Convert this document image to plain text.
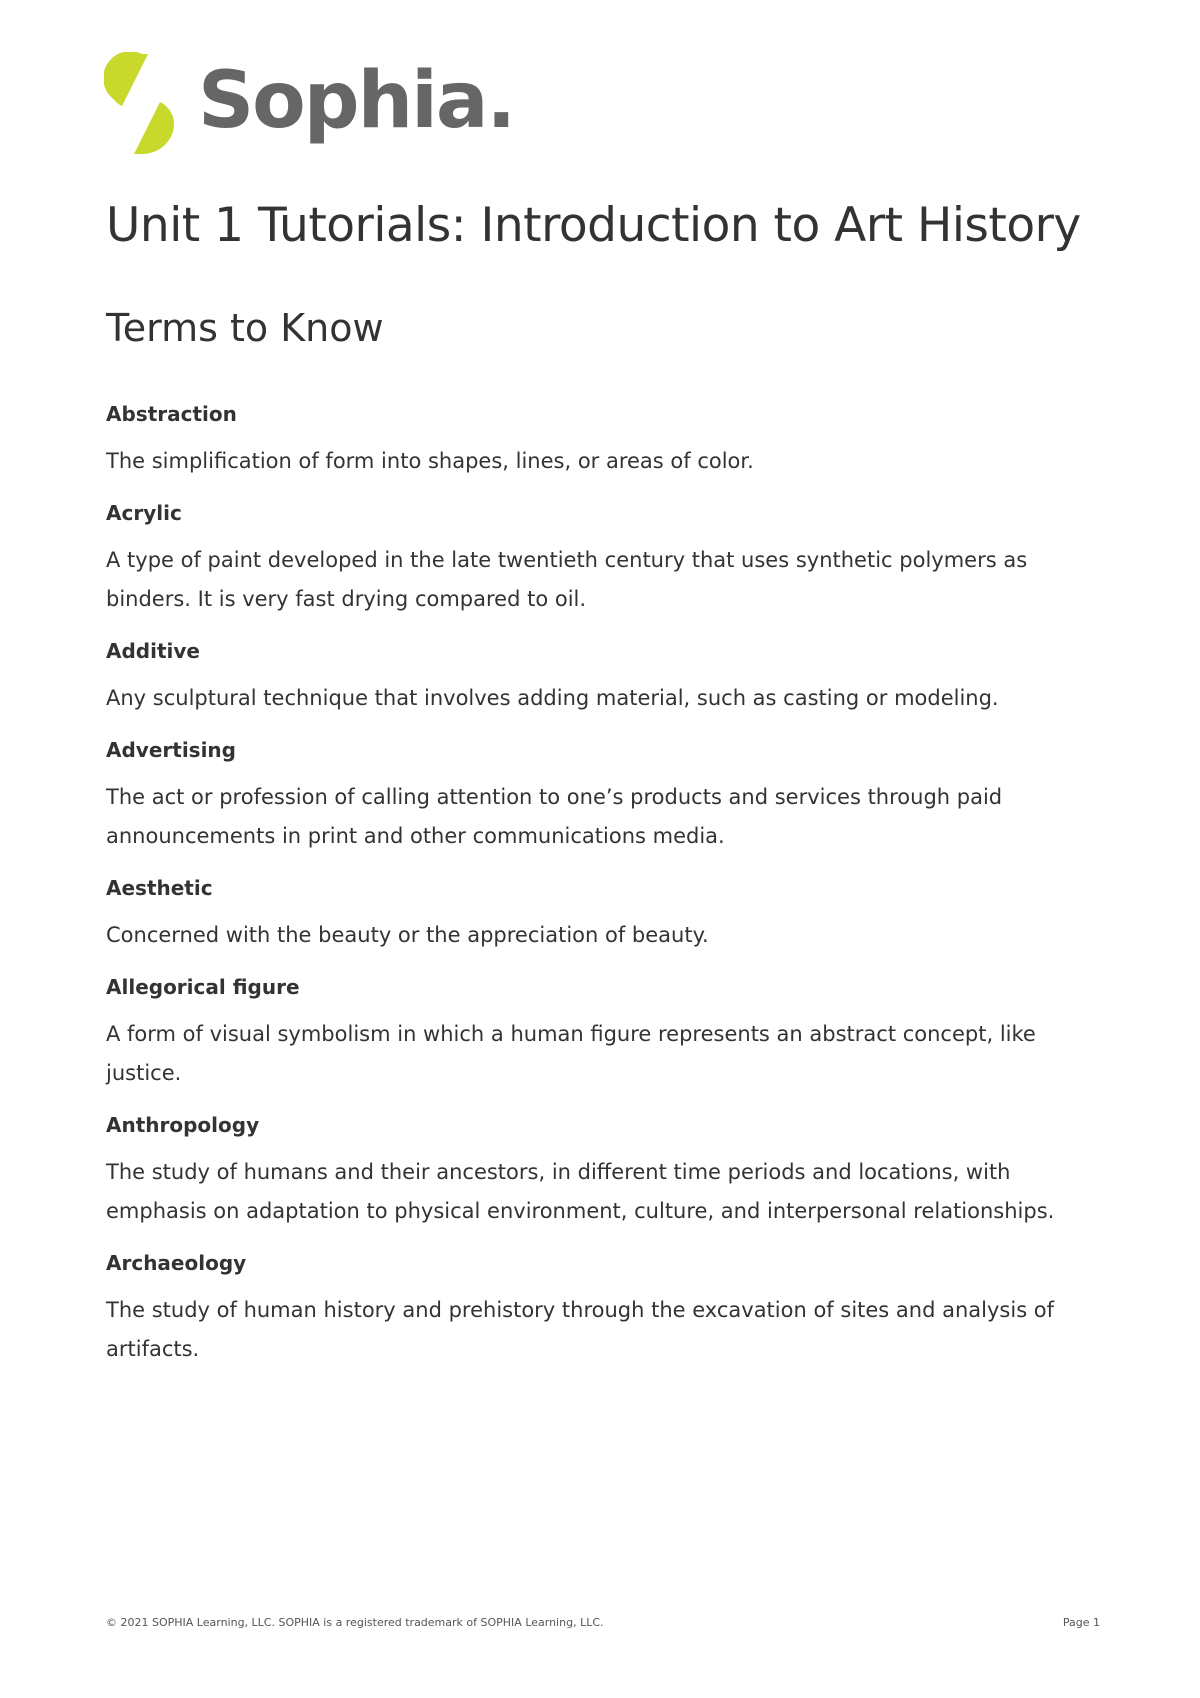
Sophia.
Unit 1 Tutorials: Introduction to Art History
Terms to Know
Abstraction

The simplification of form into shapes, lines, or areas of color.

Acrylic

A type of paint developed in the late twentieth century that uses synthetic polymers as binders. It is very fast drying compared to oil.

Additive

Any sculptural technique that involves adding material, such as casting or modeling.

Advertising

The act or profession of calling attention to one’s products and services through paid announcements in print and other communications media.

Aesthetic

Concerned with the beauty or the appreciation of beauty.

Allegorical figure

A form of visual symbolism in which a human figure represents an abstract concept, like justice.

Anthropology

The study of humans and their ancestors, in different time periods and locations, with emphasis on adaptation to physical environment, culture, and interpersonal relationships.

Archaeology

The study of human history and prehistory through the excavation of sites and analysis of artifacts.

© 2021 SOPHIA Learning, LLC. SOPHIA is a registered trademark of SOPHIA Learning, LLC.	Page 1
